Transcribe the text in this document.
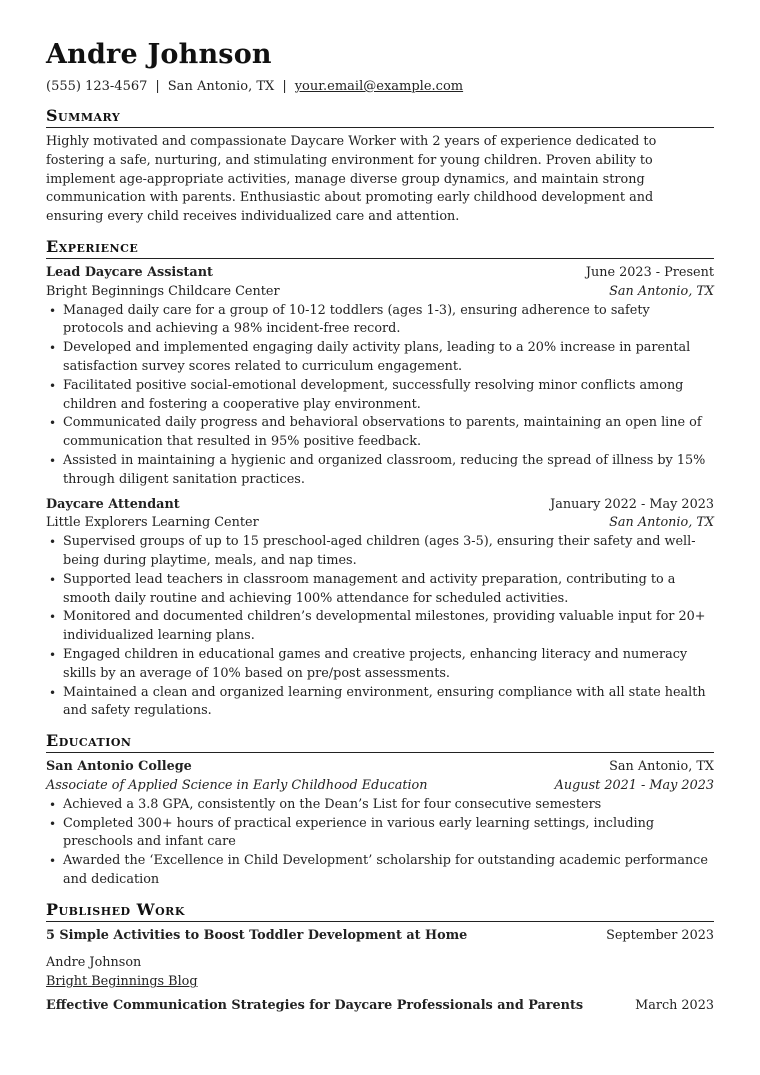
Andre Johnson
(555) 123-4567 | San Antonio, TX | your.email@example.com
Summary

Highly motivated and compassionate Daycare Worker with 2 years of experience dedicated to fostering a safe, nurturing, and stimulating environment for young children. Proven ability to implement age-appropriate activities, manage diverse group dynamics, and maintain strong communication with parents. Enthusiastic about promoting early childhood development and ensuring every child receives individualized care and attention.

Experience
Lead Daycare Assistant	June 2023 - Present
Bright Beginnings Childcare Center	San Antonio, TX
• Managed daily care for a group of 10-12 toddlers (ages 1-3), ensuring adherence to safety protocols and achieving a 98% incident-free record.
• Developed and implemented engaging daily activity plans, leading to a 20% increase in parental satisfaction survey scores related to curriculum engagement.
• Facilitated positive social-emotional development, successfully resolving minor conflicts among children and fostering a cooperative play environment.
• Communicated daily progress and behavioral observations to parents, maintaining an open line of communication that resulted in 95% positive feedback.
• Assisted in maintaining a hygienic and organized classroom, reducing the spread of illness by 15% through diligent sanitation practices.
Daycare Attendant	January 2022 - May 2023
Little Explorers Learning Center	San Antonio, TX
• Supervised groups of up to 15 preschool-aged children (ages 3-5), ensuring their safety and well-being during playtime, meals, and nap times.
• Supported lead teachers in classroom management and activity preparation, contributing to a smooth daily routine and achieving 100% attendance for scheduled activities.
• Monitored and documented children’s developmental milestones, providing valuable input for 20+ individualized learning plans.
• Engaged children in educational games and creative projects, enhancing literacy and numeracy skills by an average of 10% based on pre/post assessments.
• Maintained a clean and organized learning environment, ensuring compliance with all state health and safety regulations.
Education
San Antonio College	San Antonio, TX
Associate of Applied Science in Early Childhood Education	August 2021 - May 2023
• Achieved a 3.8 GPA, consistently on the Dean’s List for four consecutive semesters
• Completed 300+ hours of practical experience in various early learning settings, including preschools and infant care
• Awarded the ‘Excellence in Child Development’ scholarship for outstanding academic performance and dedication
Published Work
5 Simple Activities to Boost Toddler Development at Home	September 2023
Andre Johnson
Bright Beginnings Blog
Effective Communication Strategies for Daycare Professionals and Parents	March 2023
